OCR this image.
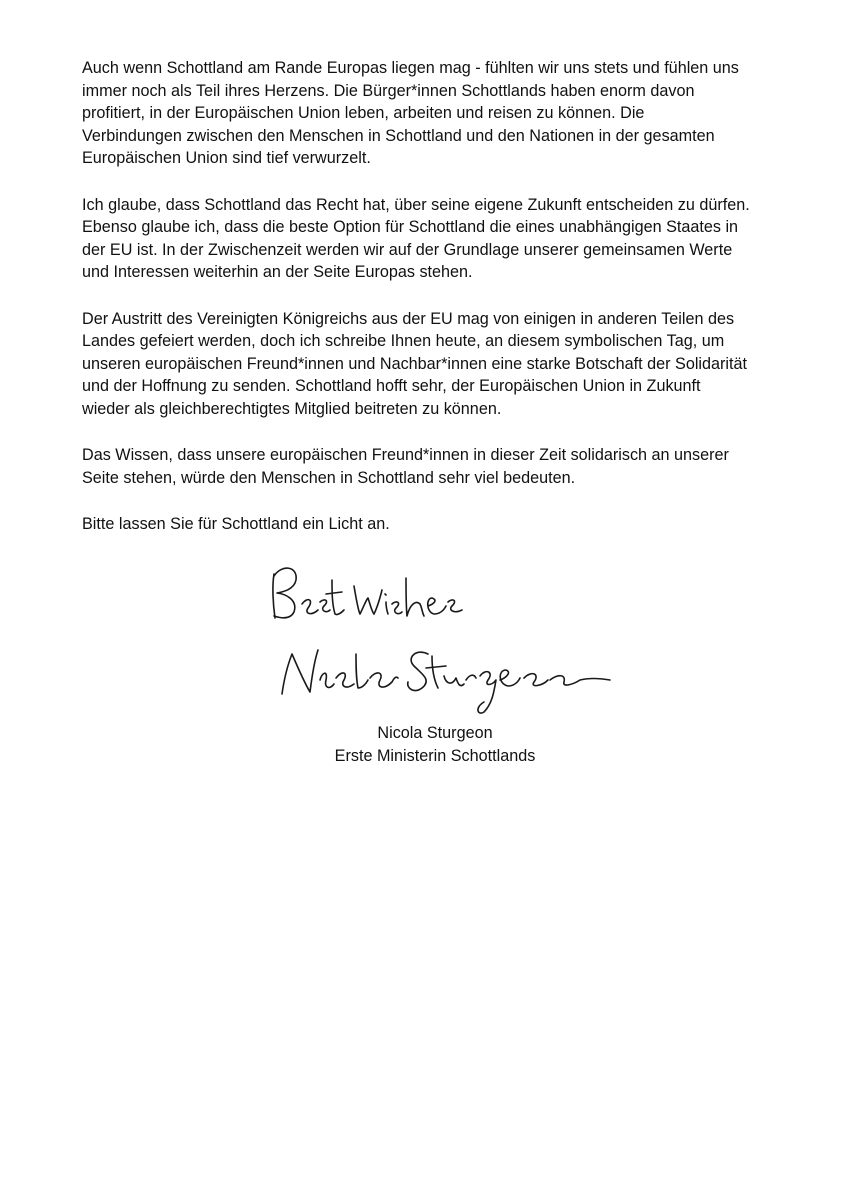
Auch wenn Schottland am Rande Europas liegen mag - fühlten wir uns stets und fühlen uns
immer noch als Teil ihres Herzens. Die Bürger*innen Schottlands haben enorm davon
profitiert, in der Europäischen Union leben, arbeiten und reisen zu können. Die
Verbindungen zwischen den Menschen in Schottland und den Nationen in der gesamten
Europäischen Union sind tief verwurzelt.

Ich glaube, dass Schottland das Recht hat, über seine eigene Zukunft entscheiden zu dürfen.
Ebenso glaube ich, dass die beste Option für Schottland die eines unabhängigen Staates in
der EU ist. In der Zwischenzeit werden wir auf der Grundlage unserer gemeinsamen Werte
und Interessen weiterhin an der Seite Europas stehen.

Der Austritt des Vereinigten Königreichs aus der EU mag von einigen in anderen Teilen des
Landes gefeiert werden, doch ich schreibe Ihnen heute, an diesem symbolischen Tag, um
unseren europäischen Freund*innen und Nachbar*innen eine starke Botschaft der Solidarität
und der Hoffnung zu senden. Schottland hofft sehr, der Europäischen Union in Zukunft
wieder als gleichberechtigtes Mitglied beitreten zu können.

Das Wissen, dass unsere europäischen Freund*innen in dieser Zeit solidarisch an unserer
Seite stehen, würde den Menschen in Schottland sehr viel bedeuten.

Bitte lassen Sie für Schottland ein Licht an.

Nicola Sturgeon
Erste Ministerin Schottlands
